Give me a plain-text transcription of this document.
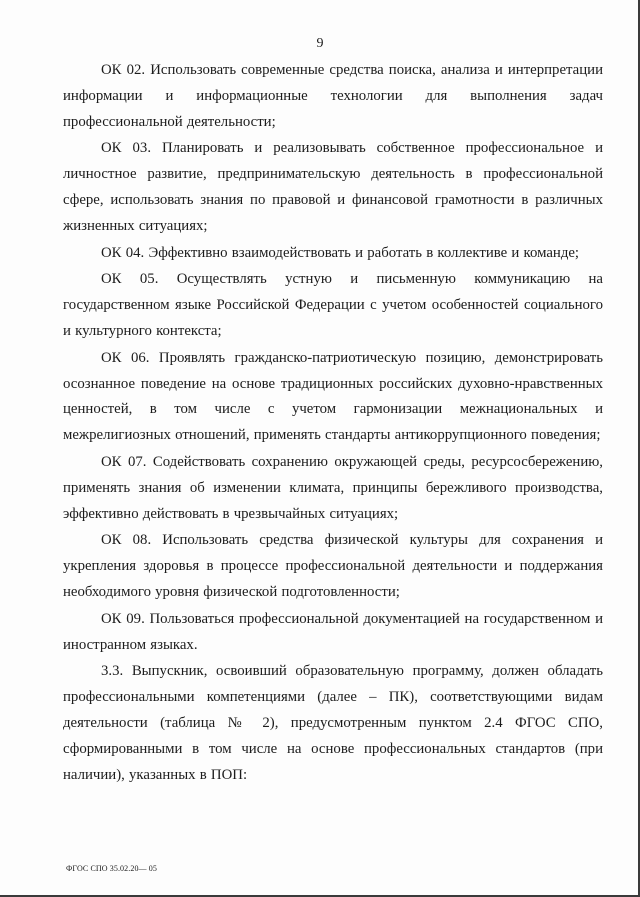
9

ОК 02. Использовать современные средства поиска, анализа и интерпретации информации и информационные технологии для выполнения задач профессиональной деятельности;

ОК 03. Планировать и реализовывать собственное профессиональное и личностное развитие, предпринимательскую деятельность в профессиональной сфере, использовать знания по правовой и финансовой грамотности в различных жизненных ситуациях;

ОК 04. Эффективно взаимодействовать и работать в коллективе и команде;

ОК 05. Осуществлять устную и письменную коммуникацию на государственном языке Российской Федерации с учетом особенностей социального и культурного контекста;

ОК 06. Проявлять гражданско-патриотическую позицию, демонстрировать осознанное поведение на основе традиционных российских духовно-нравственных ценностей, в том числе с учетом гармонизации межнациональных и межрелигиозных отношений, применять стандарты антикоррупционного поведения;

ОК 07. Содействовать сохранению окружающей среды, ресурсосбережению, применять знания об изменении климата, принципы бережливого производства, эффективно действовать в чрезвычайных ситуациях;

ОК 08. Использовать средства физической культуры для сохранения и укрепления здоровья в процессе профессиональной деятельности и поддержания необходимого уровня физической подготовленности;

ОК 09. Пользоваться профессиональной документацией на государственном и иностранном языках.

3.3. Выпускник, освоивший образовательную программу, должен обладать профессиональными компетенциями (далее – ПК), соответствующими видам деятельности (таблица № 2), предусмотренным пунктом 2.4 ФГОС СПО, сформированными в том числе на основе профессиональных стандартов (при наличии), указанных в ПОП:

ФГОС СПО 35.02.20— 05
